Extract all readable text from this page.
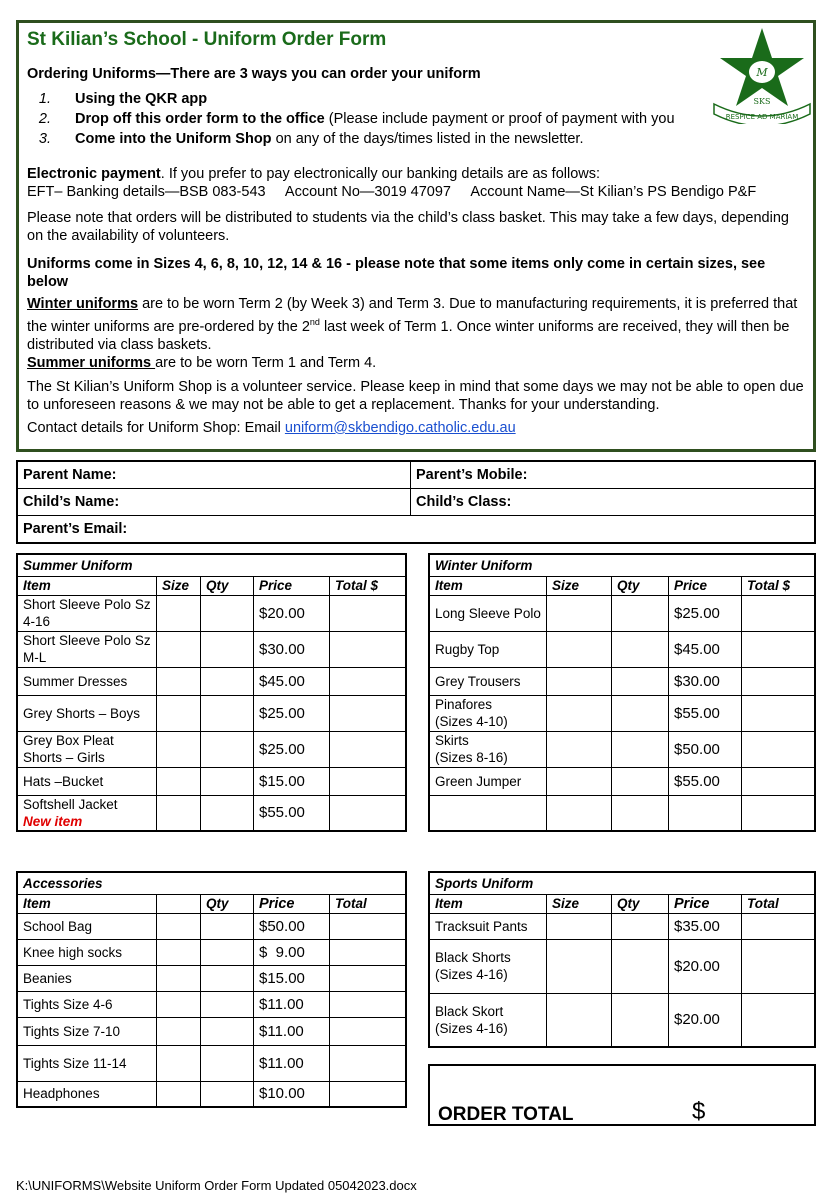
St Kilian’s School - Uniform Order Form

Ordering Uniforms—There are 3 ways you can order your uniform

1. Using the QKR app
2. Drop off this order form to the office (Please include payment or proof of payment with you
3. Come into the Uniform Shop on any of the days/times listed in the newsletter.

Electronic payment. If you prefer to pay electronically our banking details are as follows:

EFT– Banking details—BSB 083-543     Account No—3019 47097     Account Name—St Kilian’s PS Bendigo P&F

Please note that orders will be distributed to students via the child’s class basket. This may take a few days, depending on the availability of volunteers.

Uniforms come in Sizes 4, 6, 8, 10, 12, 14 & 16 - please note that some items only come in certain sizes, see below

Winter uniforms are to be worn Term 2 (by Week 3) and Term 3. Due to manufacturing requirements, it is preferred that the winter uniforms are pre-ordered by the 2nd last week of Term 1. Once winter uniforms are received, they will then be distributed via class baskets.

Summer uniforms are to be worn Term 1 and Term 4.

The St Kilian’s Uniform Shop is a volunteer service. Please keep in mind that some days we may not be able to open due to unforeseen reasons & we may not be able to get a replacement. Thanks for your understanding.

Contact details for Uniform Shop: Email uniform@skbendigo.catholic.edu.au

M
SKS
RESPICE AD MARIAM
Parent Name:	Parent’s Mobile:
Child’s Name:	Child’s Class:
Parent’s Email:	
Summer Uniform				
Item	Size	Qty	Price	Total $
Short Sleeve Polo Sz 4-16			$20.00	
Short Sleeve Polo Sz M-L			$30.00	
Summer Dresses			$45.00	
Grey Shorts – Boys			$25.00	
Grey Box Pleat Shorts – Girls			$25.00	
Hats –Bucket			$15.00	
Softshell Jacket
New item			$55.00	
Winter Uniform				
Item	Size	Qty	Price	Total $
Long Sleeve Polo			$25.00	
Rugby Top			$45.00	
Grey Trousers			$30.00	
Pinafores
(Sizes 4-10)			$55.00	
Skirts
(Sizes 8-16)			$50.00	
Green Jumper			$55.00	

Accessories				
Item		Qty	Price	Total
School Bag			$50.00	
Knee high socks			$  9.00	
Beanies			$15.00	
Tights Size 4-6			$11.00	
Tights Size 7-10			$11.00	
Tights Size 11-14			$11.00	
Headphones			$10.00	
Sports Uniform				
Item	Size	Qty	Price	Total
Tracksuit Pants			$35.00	
Black Shorts
(Sizes 4-16)			$20.00	
Black Skort
(Sizes 4-16)			$20.00	
ORDER TOTAL	$
K:\UNIFORMS\Website Uniform Order Form Updated 05042023.docx
